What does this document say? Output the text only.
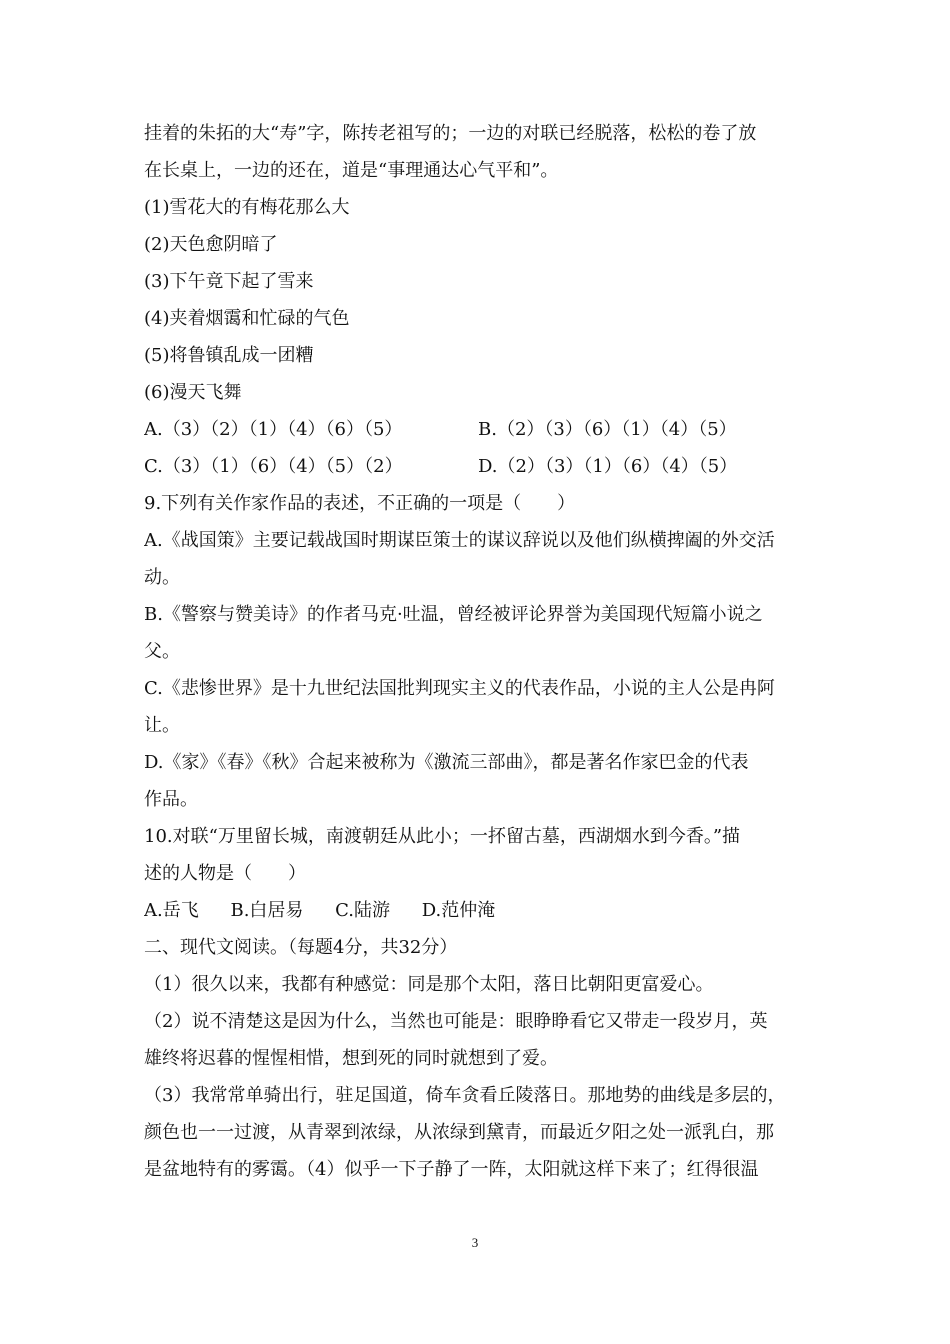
挂着的朱拓的大“寿”字，陈抟老祖写的；一边的对联已经脱落，松松的卷了放
在长桌上，一边的还在，道是“事理通达心气平和”。
(1)雪花大的有梅花那么大
(2)天色愈阴暗了
(3)下午竟下起了雪来
(4)夹着烟霭和忙碌的气色
(5)将鲁镇乱成一团糟
(6)漫天飞舞
A.（3）（2）（1）（4）（6）（5）	B.（2）（3）（6）（1）（4）（5）
C.（3）（1）（6）（4）（5）（2）	D.（2）（3）（1）（6）（4）（5）
9.下列有关作家作品的表述，不正确的一项是（　　）
A.《战国策》主要记载战国时期谋臣策士的谋议辞说以及他们纵横捭阖的外交活
动。
B.《警察与赞美诗》的作者马克·吐温，曾经被评论界誉为美国现代短篇小说之
父。
C.《悲惨世界》是十九世纪法国批判现实主义的代表作品，小说的主人公是冉阿
让。
D.《家》《春》《秋》合起来被称为《激流三部曲》，都是著名作家巴金的代表
作品。
10.对联“万里留长城，南渡朝廷从此小；一抔留古墓，西湖烟水到今香。”描
述的人物是（　　）
A.岳飞 B.白居易 C.陆游 D.范仲淹
二、现代文阅读。（每题4分，共32分）
（1）很久以来，我都有种感觉：同是那个太阳，落日比朝阳更富爱心。
（2）说不清楚这是因为什么，当然也可能是：眼睁睁看它又带走一段岁月，英
雄终将迟暮的惺惺相惜，想到死的同时就想到了爱。
（3）我常常单骑出行，驻足国道，倚车贪看丘陵落日。那地势的曲线是多层的，
颜色也一一过渡，从青翠到浓绿，从浓绿到黛青，而最近夕阳之处一派乳白，那
是盆地特有的雾霭。（4）似乎一下子静了一阵，太阳就这样下来了；红得很温
3
